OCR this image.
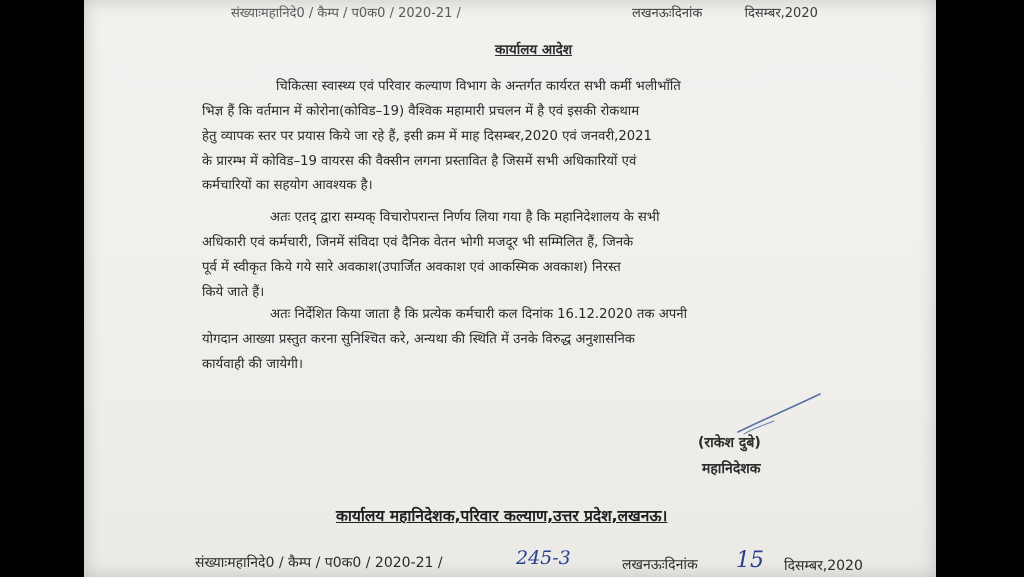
संख्याःमहानिदे0 / कैम्प / प0क0 / 2020-21 /	लखनऊःदिनांक	दिसम्बर,2020
कार्यालय आदेश
चिकित्सा स्वास्थ्य एवं परिवार कल्याण विभाग के अन्तर्गत कार्यरत सभी कर्मी भलीभाँति
भिज्ञ हैं कि वर्तमान में कोरोना(कोविड–19) वैश्विक महामारी प्रचलन में है एवं इसकी रोकथाम
हेतु व्यापक स्तर पर प्रयास किये जा रहे हैं, इसी क्रम में माह दिसम्बर,2020 एवं जनवरी,2021
के प्रारम्भ में कोविड–19 वायरस की वैक्सीन लगना प्रस्तावित है जिसमें सभी अधिकारियों एवं
कर्मचारियों का सहयोग आवश्यक है।
अतः एतद् द्वारा सम्यक् विचारोपरान्त निर्णय लिया गया है कि महानिदेशालय के सभी
अधिकारी एवं कर्मचारी, जिनमें संविदा एवं दैनिक वेतन भोगी मजदूर भी सम्मिलित हैं, जिनके
पूर्व में स्वीकृत किये गये सारे अवकाश(उपार्जित अवकाश एवं आकस्मिक अवकाश) निरस्त
किये जाते हैं।
अतः निर्देशित किया जाता है कि प्रत्येक कर्मचारी कल दिनांक 16.12.2020 तक अपनी
योगदान आख्या प्रस्तुत करना सुनिश्चित करे, अन्यथा की स्थिति में उनके विरुद्ध अनुशासनिक
कार्यवाही की जायेगी।
(राकेश दुबे)
महानिदेशक
कार्यालय महानिदेशक,परिवार कल्याण,उत्तर प्रदेश,लखनऊ।
संख्याःमहानिदे0 / कैम्प / प0क0 / 2020-21 /	245-3	लखनऊःदिनांक 15 दिसम्बर,2020
